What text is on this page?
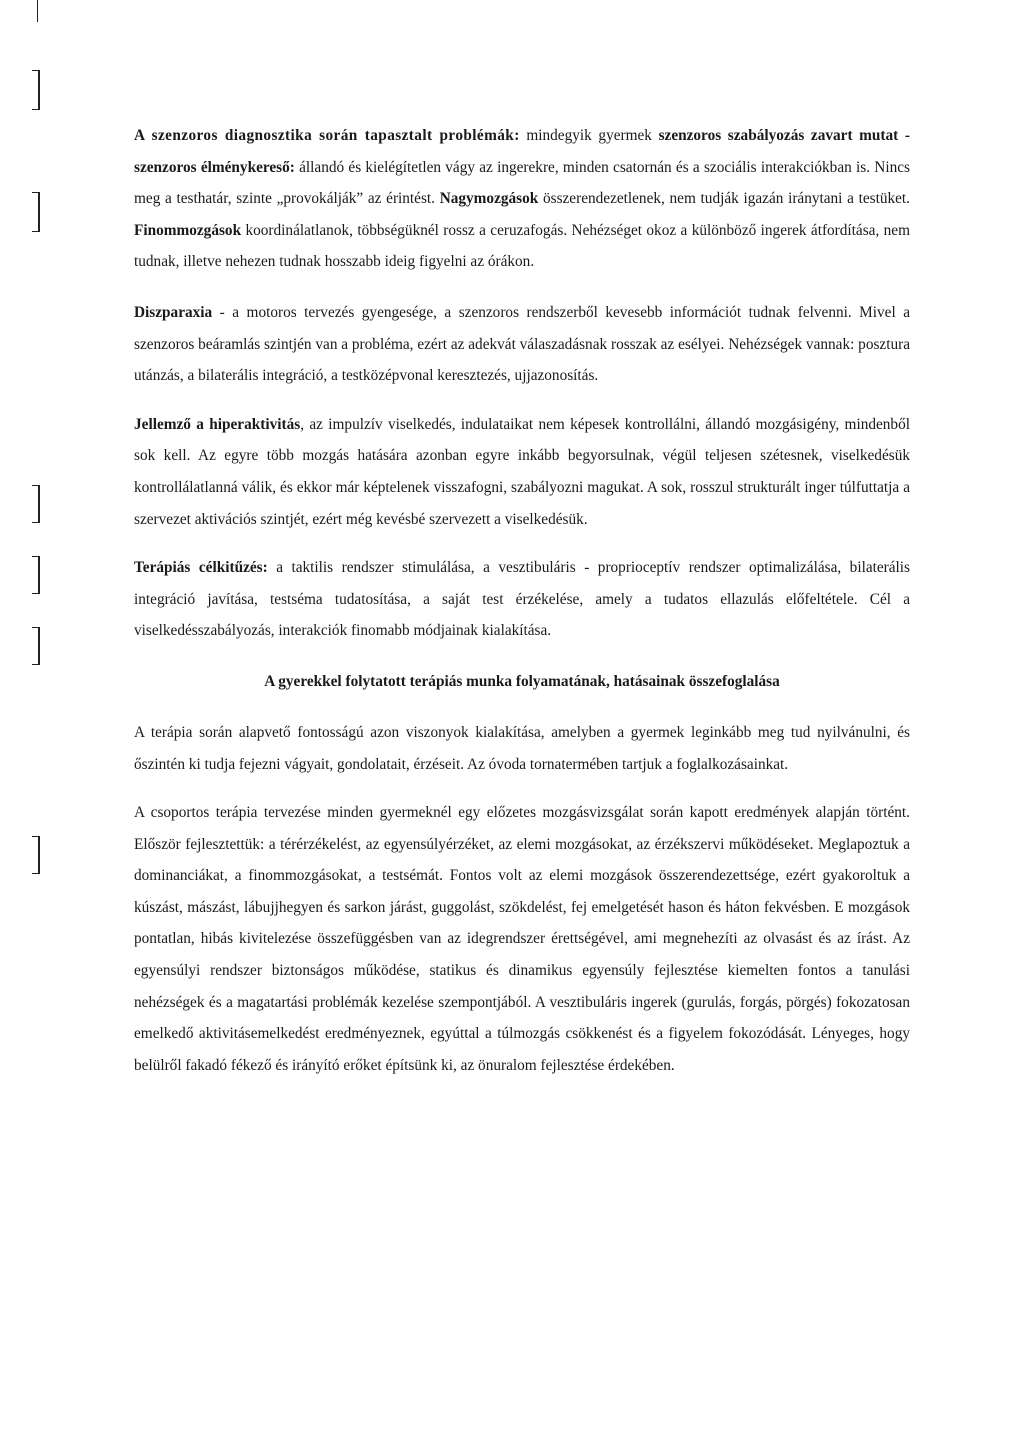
A szenzoros diagnosztika során tapasztalt problémák: mindegyik gyermek szenzoros szabályozás zavart mutat - szenzoros élménykereső: állandó és kielégítetlen vágy az ingerekre, minden csatornán és a szociális interakciókban is. Nincs meg a testhatár, szinte „provokálják” az érintést. Nagymozgások összerendezetlenek, nem tudják igazán iránytani a testüket. Finommozgások koordinálatlanok, többségüknél rossz a ceruzafogás. Nehézséget okoz a különböző ingerek átfordítása, nem tudnak, illetve nehezen tudnak hosszabb ideig figyelni az órákon.

Diszparaxia - a motoros tervezés gyengesége, a szenzoros rendszerből kevesebb információt tudnak felvenni. Mivel a szenzoros beáramlás szintjén van a probléma, ezért az adekvát válaszadásnak rosszak az esélyei. Nehézségek vannak: posztura utánzás, a bilaterális integráció, a testközépvonal keresztezés, ujjazonosítás.

Jellemző a hiperaktivitás, az impulzív viselkedés, indulataikat nem képesek kontrollálni, állandó mozgásigény, mindenből sok kell. Az egyre több mozgás hatására azonban egyre inkább begyorsulnak, végül teljesen szétesnek, viselkedésük kontrollálatlanná válik, és ekkor már képtelenek visszafogni, szabályozni magukat. A sok, rosszul strukturált inger túlfuttatja a szervezet aktivációs szintjét, ezért még kevésbé szervezett a viselkedésük.

Terápiás célkitűzés: a taktilis rendszer stimulálása, a vesztibuláris - proprioceptív rendszer optimalizálása, bilaterális integráció javítása, testséma tudatosítása, a saját test érzékelése, amely a tudatos ellazulás előfeltétele. Cél a viselkedésszabályozás, interakciók finomabb módjainak kialakítása.

A gyerekkel folytatott terápiás munka folyamatának, hatásainak összefoglalása

A terápia során alapvető fontosságú azon viszonyok kialakítása, amelyben a gyermek leginkább meg tud nyilvánulni, és őszintén ki tudja fejezni vágyait, gondolatait, érzéseit. Az óvoda tornatermében tartjuk a foglalkozásainkat.

A csoportos terápia tervezése minden gyermeknél egy előzetes mozgásvizsgálat során kapott eredmények alapján történt. Először fejlesztettük: a térérzékelést, az egyensúlyérzéket, az elemi mozgásokat, az érzékszervi működéseket. Meglapoztuk a dominanciákat, a finommozgásokat, a testsémát. Fontos volt az elemi mozgások összerendezettsége, ezért gyakoroltuk a kúszást, mászást, lábujjhegyen és sarkon járást, guggolást, szökdelést, fej emelgetését hason és háton fekvésben. E mozgások pontatlan, hibás kivitelezése összefüggésben van az idegrendszer érettségével, ami megnehezíti az olvasást és az írást. Az egyensúlyi rendszer biztonságos működése, statikus és dinamikus egyensúly fejlesztése kiemelten fontos a tanulási nehézségek és a magatartási problémák kezelése szempontjából. A vesztibuláris ingerek (gurulás, forgás, pörgés) fokozatosan emelkedő aktivitásemelkedést eredményeznek, egyúttal a túlmozgás csökkenést és a figyelem fokozódását. Lényeges, hogy belülről fakadó fékező és irányító erőket építsünk ki, az önuralom fejlesztése érdekében.
